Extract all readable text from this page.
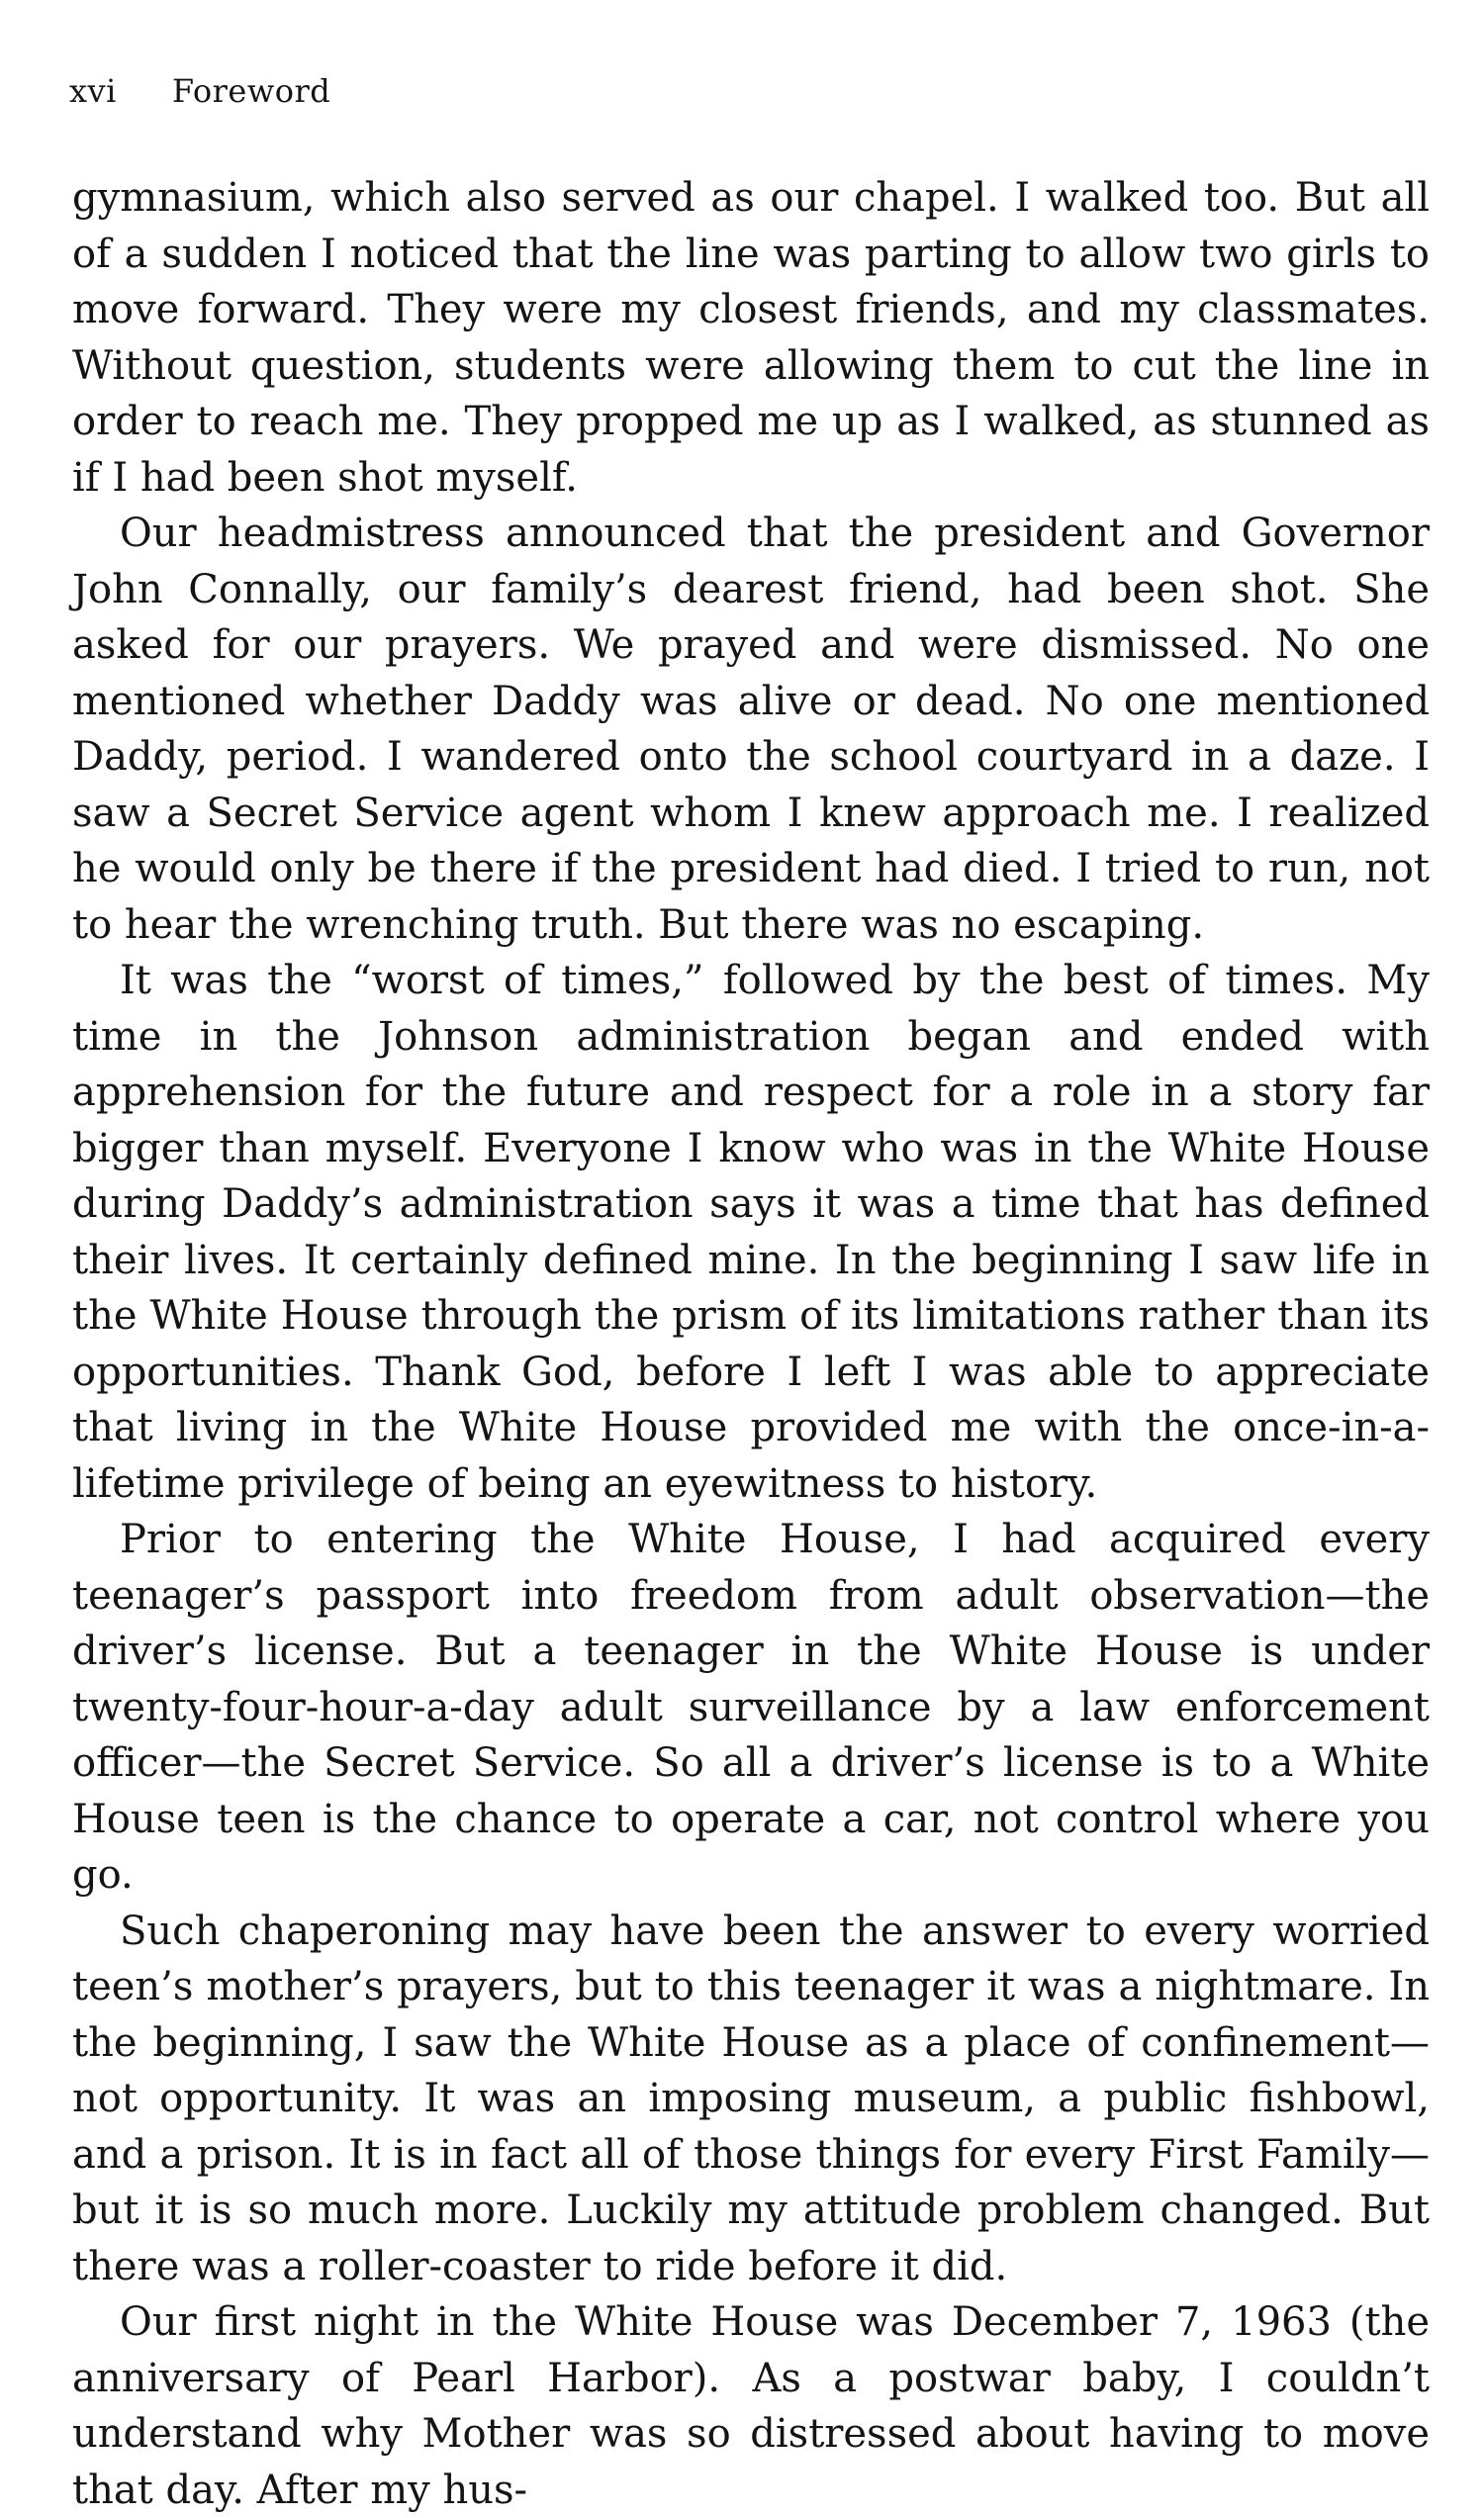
xvi Foreword

gymnasium, which also served as our chapel. I walked too. But all of a sudden I noticed that the line was parting to allow two girls to move forward. They were my closest friends, and my classmates. Without question, students were allowing them to cut the line in order to reach me. They propped me up as I walked, as stunned as if I had been shot myself.

Our headmistress announced that the president and Governor John Connally, our family’s dearest friend, had been shot. She asked for our prayers. We prayed and were dismissed. No one mentioned whether Daddy was alive or dead. No one mentioned Daddy, period. I wandered onto the school courtyard in a daze. I saw a Secret Service agent whom I knew approach me. I realized he would only be there if the president had died. I tried to run, not to hear the wrenching truth. But there was no escaping.

It was the “worst of times,” followed by the best of times. My time in the Johnson administration began and ended with apprehension for the future and respect for a role in a story far bigger than myself. Everyone I know who was in the White House during Daddy’s administration says it was a time that has defined their lives. It certainly defined mine. In the beginning I saw life in the White House through the prism of its limitations rather than its opportunities. Thank God, before I left I was able to appreciate that living in the White House provided me with the once-in-a-lifetime privilege of being an eyewitness to history.

Prior to entering the White House, I had acquired every teenager’s passport into freedom from adult observation—the driver’s license. But a teenager in the White House is under twenty-four-hour-a-day adult surveillance by a law enforcement officer—the Secret Service. So all a driver’s license is to a White House teen is the chance to operate a car, not control where you go.

Such chaperoning may have been the answer to every worried teen’s mother’s prayers, but to this teenager it was a nightmare. In the beginning, I saw the White House as a place of confinement—not opportunity. It was an imposing museum, a public fishbowl, and a prison. It is in fact all of those things for every First Family—but it is so much more. Luckily my attitude problem changed. But there was a roller-coaster to ride before it did.

Our first night in the White House was December 7, 1963 (the anniversary of Pearl Harbor). As a postwar baby, I couldn’t understand why Mother was so distressed about having to move that day. After my hus-
